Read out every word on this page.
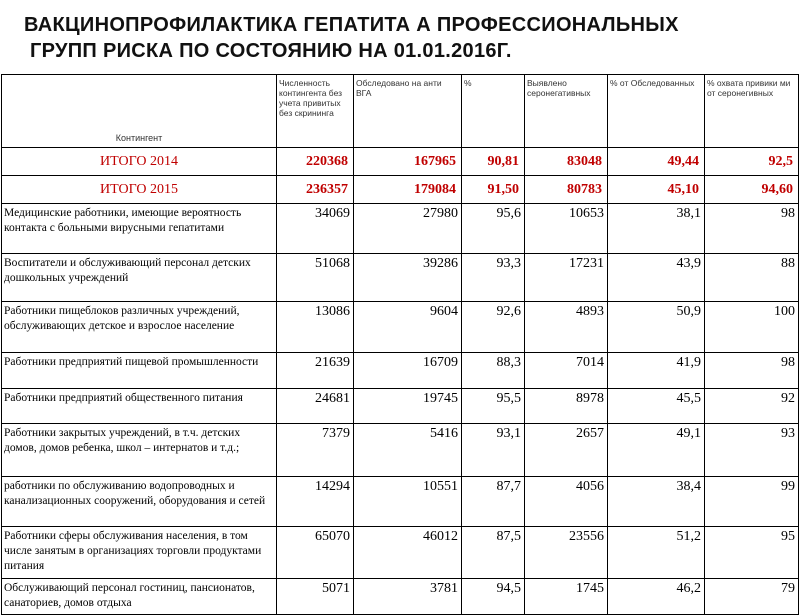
ВАКЦИНОПРОФИЛАКТИКА ГЕПАТИТА А ПРОФЕССИОНАЛЬНЫХ
ГРУПП РИСКА ПО СОСТОЯНИЮ НА 01.01.2016Г.
Контингент	Численность контингента без учета привитых без скрининга	Обследовано на анти ВГА	%	Выявлено серонегативных	% от Обследованных	% охвата привики ми от серонегивных
ИТОГО 2014	220368	167965	90,81	83048	49,44	92,5
ИТОГО 2015	236357	179084	91,50	80783	45,10	94,60
Медицинские работники, имеющие вероятность контакта с больными вирусными гепатитами	34069	27980	95,6	10653	38,1	98
Воспитатели и обслуживающий персонал детских дошкольных учреждений	51068	39286	93,3	17231	43,9	88
Работники пищеблоков различных учреждений, обслуживающих детское и взрослое население	13086	9604	92,6	4893	50,9	100
Работники предприятий пищевой промышленности	21639	16709	88,3	7014	41,9	98
Работники предприятий общественного питания	24681	19745	95,5	8978	45,5	92
Работники закрытых учреждений, в т.ч. детских домов, домов ребенка, школ – интернатов и т.д.;	7379	5416	93,1	2657	49,1	93
работники по обслуживанию водопроводных и канализационных сооружений, оборудования и сетей	14294	10551	87,7	4056	38,4	99
Работники сферы обслуживания населения, в том числе занятым в организациях торговли продуктами питания	65070	46012	87,5	23556	51,2	95
Обслуживающий персонал гостиниц, пансионатов, санаториев, домов отдыха	5071	3781	94,5	1745	46,2	79
